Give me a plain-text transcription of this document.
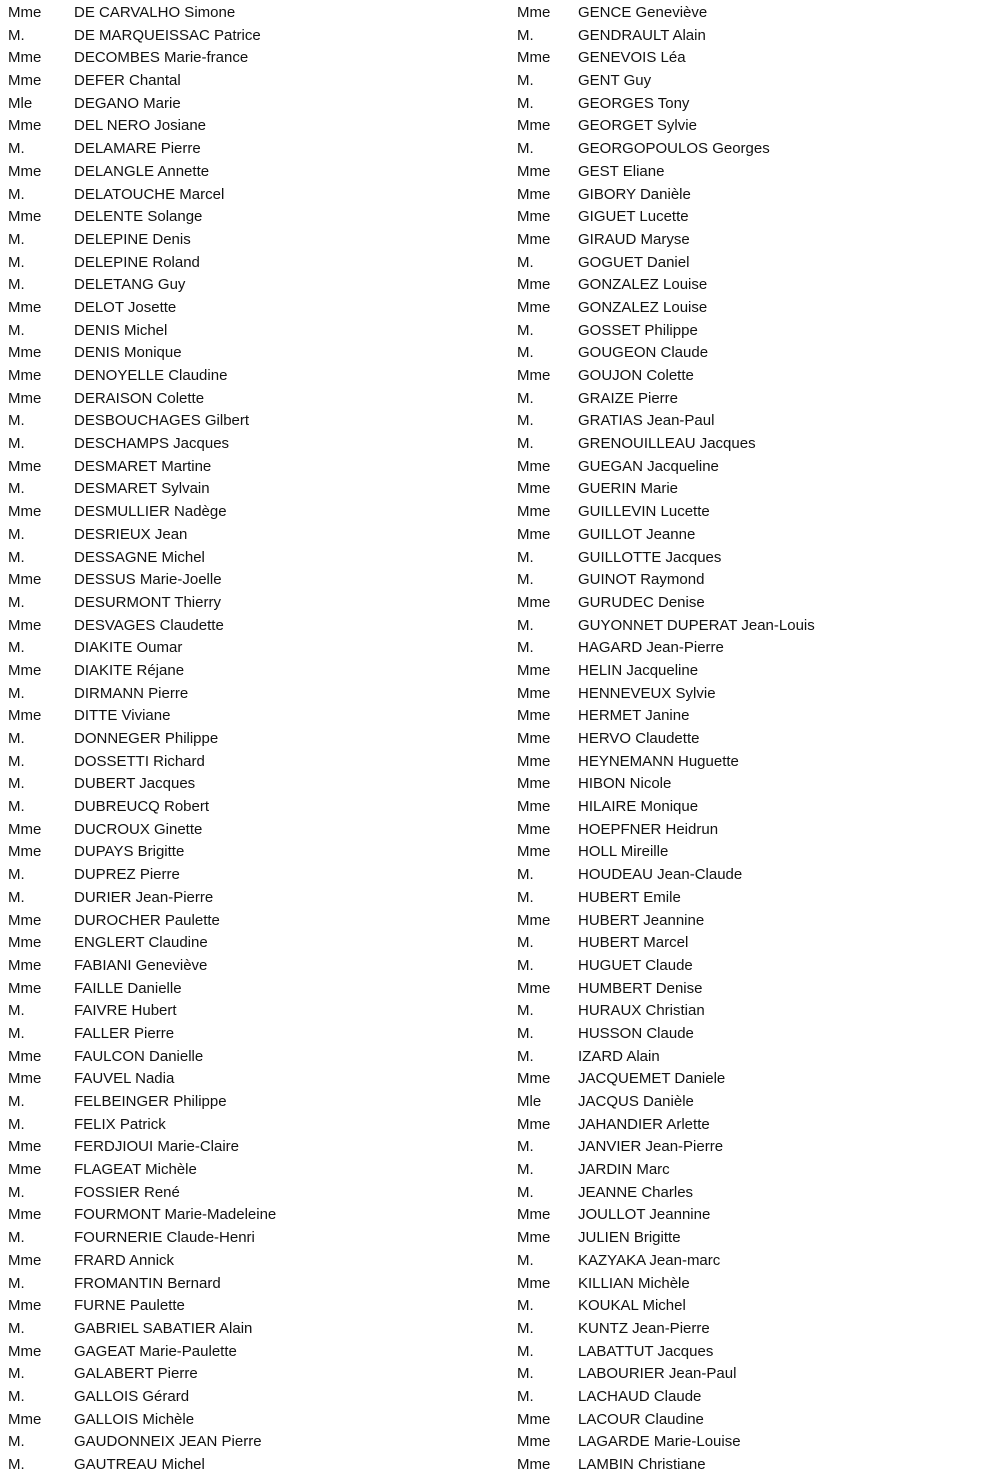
Mme	DE CARVALHO Simone
M.	DE MARQUEISSAC Patrice
Mme	DECOMBES Marie-france
Mme	DEFER Chantal
Mle	DEGANO Marie
Mme	DEL NERO Josiane
M.	DELAMARE Pierre
Mme	DELANGLE Annette
M.	DELATOUCHE Marcel
Mme	DELENTE Solange
M.	DELEPINE Denis
M.	DELEPINE Roland
M.	DELETANG Guy
Mme	DELOT Josette
M.	DENIS Michel
Mme	DENIS Monique
Mme	DENOYELLE Claudine
Mme	DERAISON Colette
M.	DESBOUCHAGES Gilbert
M.	DESCHAMPS Jacques
Mme	DESMARET Martine
M.	DESMARET Sylvain
Mme	DESMULLIER Nadège
M.	DESRIEUX Jean
M.	DESSAGNE Michel
Mme	DESSUS Marie-Joelle
M.	DESURMONT Thierry
Mme	DESVAGES Claudette
M.	DIAKITE Oumar
Mme	DIAKITE Réjane
M.	DIRMANN Pierre
Mme	DITTE Viviane
M.	DONNEGER Philippe
M.	DOSSETTI Richard
M.	DUBERT Jacques
M.	DUBREUCQ Robert
Mme	DUCROUX Ginette
Mme	DUPAYS Brigitte
M.	DUPREZ Pierre
M.	DURIER Jean-Pierre
Mme	DUROCHER Paulette
Mme	ENGLERT Claudine
Mme	FABIANI Geneviève
Mme	FAILLE Danielle
M.	FAIVRE Hubert
M.	FALLER Pierre
Mme	FAULCON Danielle
Mme	FAUVEL Nadia
M.	FELBEINGER Philippe
M.	FELIX Patrick
Mme	FERDJIOUI Marie-Claire
Mme	FLAGEAT Michèle
M.	FOSSIER René
Mme	FOURMONT Marie-Madeleine
M.	FOURNERIE Claude-Henri
Mme	FRARD Annick
M.	FROMANTIN Bernard
Mme	FURNE Paulette
M.	GABRIEL SABATIER Alain
Mme	GAGEAT Marie-Paulette
M.	GALABERT Pierre
M.	GALLOIS Gérard
Mme	GALLOIS Michèle
M.	GAUDONNEIX JEAN Pierre
M.	GAUTREAU Michel
Mme	GENCE Geneviève
M.	GENDRAULT Alain
Mme	GENEVOIS Léa
M.	GENT Guy
M.	GEORGES Tony
Mme	GEORGET Sylvie
M.	GEORGOPOULOS Georges
Mme	GEST Eliane
Mme	GIBORY Danièle
Mme	GIGUET Lucette
Mme	GIRAUD Maryse
M.	GOGUET Daniel
Mme	GONZALEZ Louise
Mme	GONZALEZ Louise
M.	GOSSET Philippe
M.	GOUGEON Claude
Mme	GOUJON Colette
M.	GRAIZE Pierre
M.	GRATIAS Jean-Paul
M.	GRENOUILLEAU Jacques
Mme	GUEGAN Jacqueline
Mme	GUERIN Marie
Mme	GUILLEVIN Lucette
Mme	GUILLOT Jeanne
M.	GUILLOTTE Jacques
M.	GUINOT Raymond
Mme	GURUDEC Denise
M.	GUYONNET DUPERAT Jean-Louis
M.	HAGARD Jean-Pierre
Mme	HELIN Jacqueline
Mme	HENNEVEUX Sylvie
Mme	HERMET Janine
Mme	HERVO Claudette
Mme	HEYNEMANN Huguette
Mme	HIBON Nicole
Mme	HILAIRE Monique
Mme	HOEPFNER Heidrun
Mme	HOLL Mireille
M.	HOUDEAU Jean-Claude
M.	HUBERT Emile
Mme	HUBERT Jeannine
M.	HUBERT Marcel
M.	HUGUET Claude
Mme	HUMBERT Denise
M.	HURAUX Christian
M.	HUSSON Claude
M.	IZARD Alain
Mme	JACQUEMET Daniele
Mle	JACQUS Danièle
Mme	JAHANDIER Arlette
M.	JANVIER Jean-Pierre
M.	JARDIN Marc
M.	JEANNE Charles
Mme	JOULLOT Jeannine
Mme	JULIEN Brigitte
M.	KAZYAKA Jean-marc
Mme	KILLIAN Michèle
M.	KOUKAL Michel
M.	KUNTZ Jean-Pierre
M.	LABATTUT Jacques
M.	LABOURIER Jean-Paul
M.	LACHAUD Claude
Mme	LACOUR Claudine
Mme	LAGARDE Marie-Louise
Mme	LAMBIN Christiane
